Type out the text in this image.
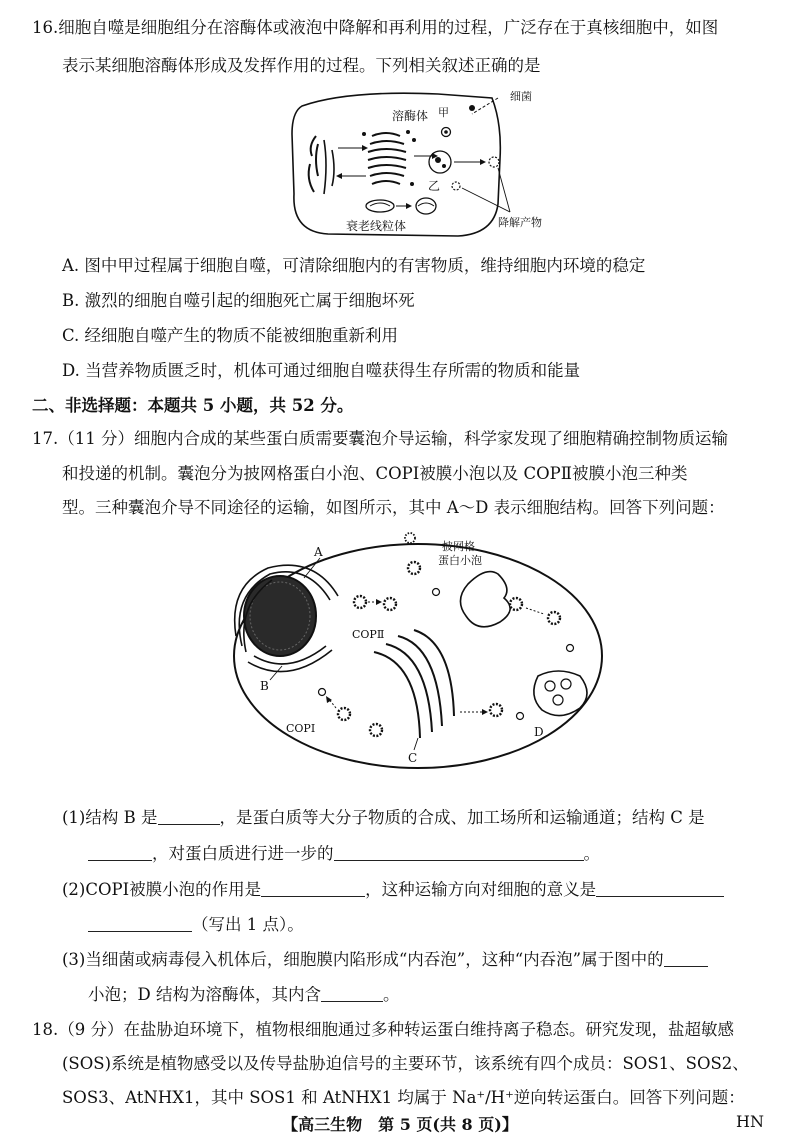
16.细胞自噬是细胞组分在溶酶体或液泡中降解和再利用的过程，广泛存在于真核细胞中，如图
表示某细胞溶酶体形成及发挥作用的过程。下列相关叙述正确的是
溶酶体 甲
细菌
乙
衰老线粒体	降解产物
A. 图中甲过程属于细胞自噬，可清除细胞内的有害物质，维持细胞内环境的稳定
B. 激烈的细胞自噬引起的细胞死亡属于细胞坏死
C. 经细胞自噬产生的物质不能被细胞重新利用
D. 当营养物质匮乏时，机体可通过细胞自噬获得生存所需的物质和能量
二、非选择题：本题共 5 小题，共 52 分。
17.（11 分）细胞内合成的某些蛋白质需要囊泡介导运输，科学家发现了细胞精确控制物质运输
和投递的机制。囊泡分为披网格蛋白小泡、COPⅠ被膜小泡以及 COPⅡ被膜小泡三种类
型。三种囊泡介导不同途径的运输，如图所示，其中 A～D 表示细胞结构。回答下列问题：
A
B
COPⅡ
C
COPⅠ
披网格
蛋白小泡
D
(1)结构 B 是	，是蛋白质等大分子物质的合成、加工场所和运输通道；结构 C 是
，对蛋白质进行进一步的	。
(2)COPⅠ被膜小泡的作用是	，这种运输方向对细胞的意义是
（写出 1 点）。
(3)当细菌或病毒侵入机体后，细胞膜内陷形成“内吞泡”，这种“内吞泡”属于图中的
小泡；D 结构为溶酶体，其内含	。
18.（9 分）在盐胁迫环境下，植物根细胞通过多种转运蛋白维持离子稳态。研究发现，盐超敏感
(SOS)系统是植物感受以及传导盐胁迫信号的主要环节，该系统有四个成员：SOS1、SOS2、
SOS3、AtNHX1，其中 SOS1 和 AtNHX1 均属于 Na⁺/H⁺逆向转运蛋白。回答下列问题：
【高三生物　第 5 页(共 8 页)】	HN
